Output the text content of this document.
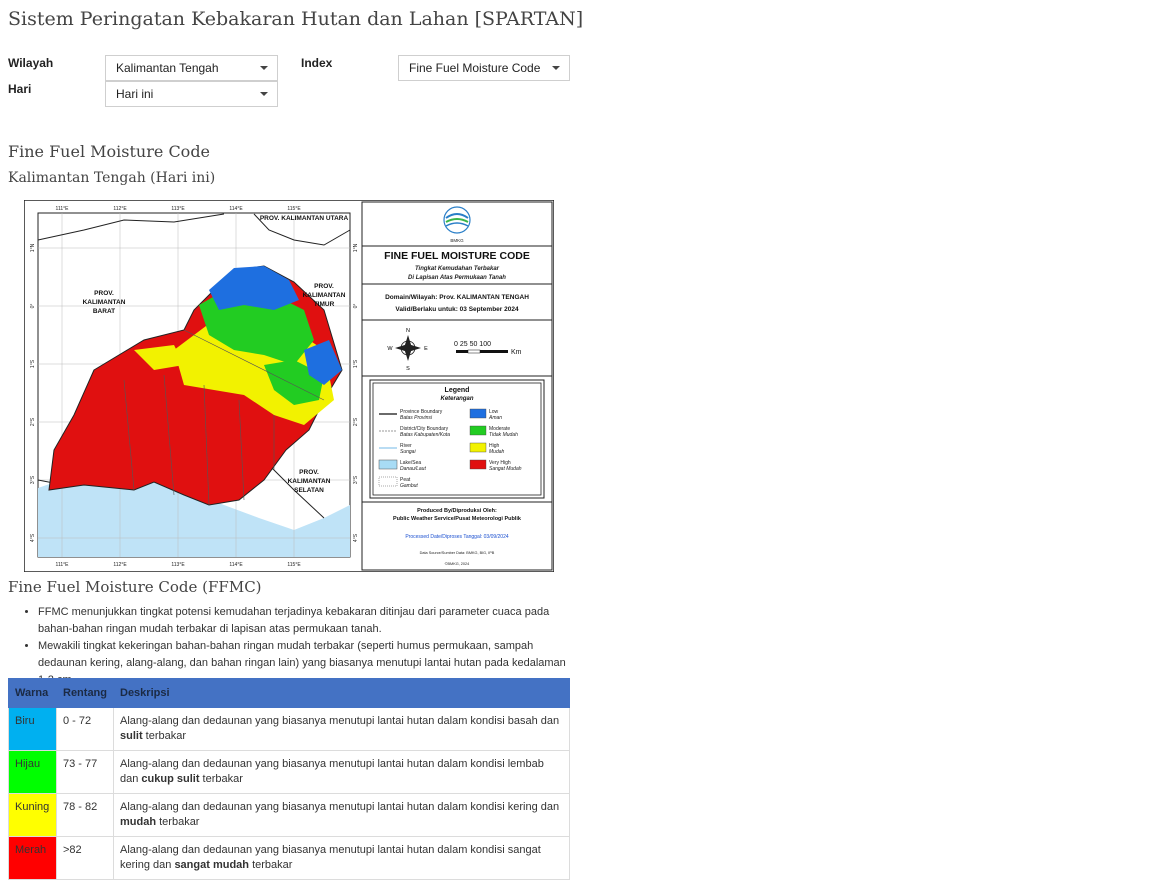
Sistem Peringatan Kebakaran Hutan dan Lahan [SPARTAN]
Wilayah	Kalimantan Tengah	Index	Fine Fuel Moisture Code
Hari	Hari ini
Fine Fuel Moisture Code
Kalimantan Tengah (Hari ini)
PROV. KALIMANTAN UTARA
PROV.
KALIMANTAN
BARAT
PROV.
KALIMANTAN
TIMUR
PROV.
KALIMANTAN
SELATAN
111°E	112°E	113°E	114°E	115°E
111°E	112°E	113°E	114°E	115°E
1°N
0°
1°S
2°S
3°S
4°S
1°N
0°
1°S
2°S
3°S
4°S
BMKG
FINE FUEL MOISTURE CODE
Tingkat Kemudahan Terbakar
Di Lapisan Atas Permukaan Tanah
Domain/Wilayah: Prov. KALIMANTAN TENGAH
Valid/Berlaku untuk: 03 September 2024
N
S
E
W
0 25 50 100
Km
Legend
Keterangan
Province Boundary
Batas Provinsi
District/City Boundary
Batas Kabupaten/Kota
River
Sungai
Lake/Sea
Danau/Laut
Peat
Gambut
Low
Aman
Moderate
Tidak Mudah
High
Mudah
Very High
Sangat Mudah
Produced By/Diproduksi Oleh:
Public Weather Service/Pusat Meteorologi Publik
Processed Date/Diproses Tanggal: 03/09/2024
Data Source/Sumber Data: BMKG, BIG, IPB
©BMKG, 2024
Fine Fuel Moisture Code (FFMC)
• FFMC menunjukkan tingkat potensi kemudahan terjadinya kebakaran ditinjau dari parameter cuaca pada bahan-bahan ringan mudah terbakar di lapisan atas permukaan tanah.
• Mewakili tingkat kekeringan bahan-bahan ringan mudah terbakar (seperti humus permukaan, sampah dedaunan kering, alang-alang, dan bahan ringan lain) yang biasanya menutupi lantai hutan pada kedalaman
Warna	Rentang	Deskripsi
Biru	0 - 72	Alang-alang dan dedaunan yang biasanya menutupi lantai hutan dalam kondisi basah dan sulit terbakar
Hijau	73 - 77	Alang-alang dan dedaunan yang biasanya menutupi lantai hutan dalam kondisi lembab dan cukup sulit terbakar
Kuning	78 - 82	Alang-alang dan dedaunan yang biasanya menutupi lantai hutan dalam kondisi kering dan mudah terbakar
Merah	>82	Alang-alang dan dedaunan yang biasanya menutupi lantai hutan dalam kondisi sangat kering dan sangat mudah terbakar
